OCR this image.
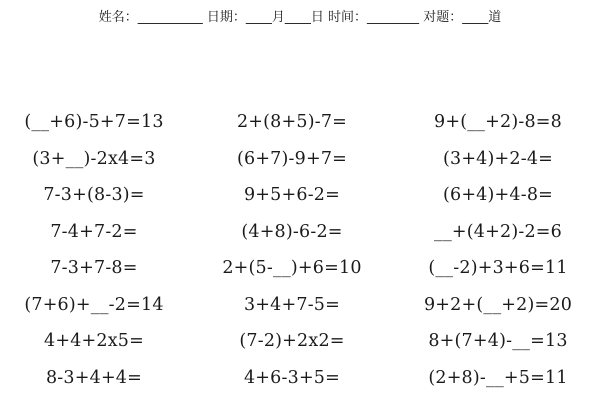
姓名：__________ 日期：____月____日 时间：________ 对题：____道
(__+6)-5+7=13	2+(8+5)-7=	9+(__+2)-8=8
(3+__)-2x4=3	(6+7)-9+7=	(3+4)+2-4=
7-3+(8-3)=	9+5+6-2=	(6+4)+4-8=
7-4+7-2=	(4+8)-6-2=	__+(4+2)-2=6
7-3+7-8=	2+(5-__)+6=10	(__-2)+3+6=11
(7+6)+__-2=14	3+4+7-5=	9+2+(__+2)=20
4+4+2x5=	(7-2)+2x2=	8+(7+4)-__=13
8-3+4+4=	4+6-3+5=	(2+8)-__+5=11
